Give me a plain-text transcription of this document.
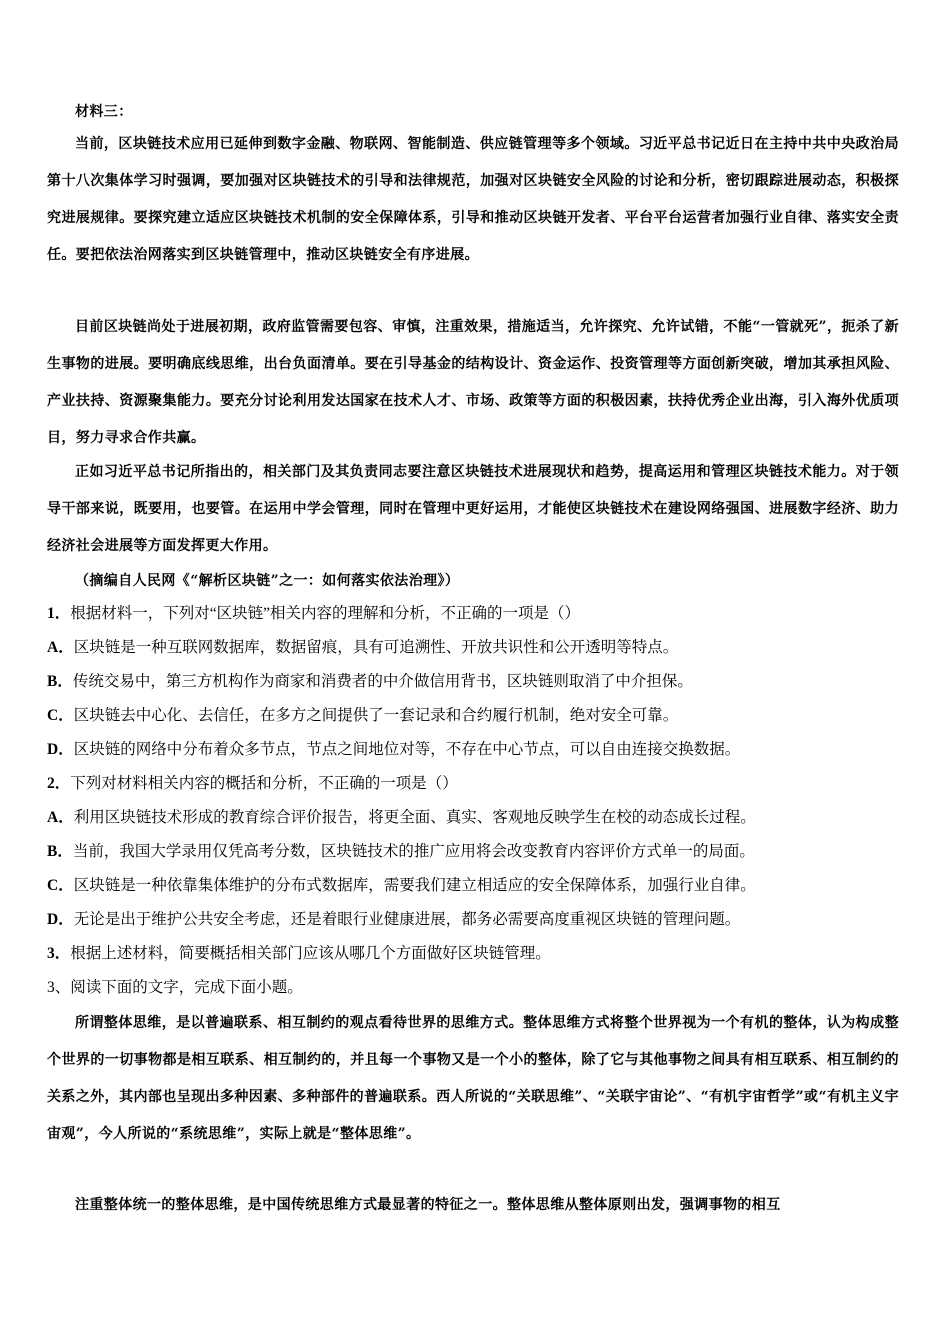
材料三：

当前，区块链技术应用已延伸到数字金融、物联网、智能制造、供应链管理等多个领域。习近平总书记近日在主持中共中央政治局第十八次集体学习时强调，要加强对区块链技术的引导和法律规范，加强对区块链安全风险的讨论和分析，密切跟踪进展动态，积极探究进展规律。要探究建立适应区块链技术机制的安全保障体系，引导和推动区块链开发者、平台平台运营者加强行业自律、落实安全责任。要把依法治网落实到区块链管理中，推动区块链安全有序进展。

目前区块链尚处于进展初期，政府监管需要包容、审慎，注重效果，措施适当，允许探究、允许试错，不能“一管就死”，扼杀了新生事物的进展。要明确底线思维，出台负面清单。要在引导基金的结构设计、资金运作、投资管理等方面创新突破，增加其承担风险、产业扶持、资源聚集能力。要充分讨论利用发达国家在技术人才、市场、政策等方面的积极因素，扶持优秀企业出海，引入海外优质项目，努力寻求合作共赢。

正如习近平总书记所指出的，相关部门及其负责同志要注意区块链技术进展现状和趋势，提高运用和管理区块链技术能力。对于领导干部来说，既要用，也要管。在运用中学会管理，同时在管理中更好运用，才能使区块链技术在建设网络强国、进展数字经济、助力经济社会进展等方面发挥更大作用。

（摘编自人民网《“解析区块链”之一：如何落实依法治理》）

1．根据材料一，下列对“区块链”相关内容的理解和分析，不正确的一项是（）
A．区块链是一种互联网数据库，数据留痕，具有可追溯性、开放共识性和公开透明等特点。
B．传统交易中，第三方机构作为商家和消费者的中介做信用背书，区块链则取消了中介担保。
C．区块链去中心化、去信任，在多方之间提供了一套记录和合约履行机制，绝对安全可靠。
D．区块链的网络中分布着众多节点，节点之间地位对等，不存在中心节点，可以自由连接交换数据。
2．下列对材料相关内容的概括和分析，不正确的一项是（）
A．利用区块链技术形成的教育综合评价报告，将更全面、真实、客观地反映学生在校的动态成长过程。
B．当前，我国大学录用仅凭高考分数，区块链技术的推广应用将会改变教育内容评价方式单一的局面。
C．区块链是一种依靠集体维护的分布式数据库，需要我们建立相适应的安全保障体系，加强行业自律。
D．无论是出于维护公共安全考虑，还是着眼行业健康进展，都务必需要高度重视区块链的管理问题。
3．根据上述材料，简要概括相关部门应该从哪几个方面做好区块链管理。
3、阅读下面的文字，完成下面小题。

所谓整体思维，是以普遍联系、相互制约的观点看待世界的思维方式。整体思维方式将整个世界视为一个有机的整体，认为构成整个世界的一切事物都是相互联系、相互制约的，并且每一个事物又是一个小的整体，除了它与其他事物之间具有相互联系、相互制约的关系之外，其内部也呈现出多种因素、多种部件的普遍联系。西人所说的“关联思维”、“关联宇宙论”、“有机宇宙哲学”或“有机主义宇宙观”，今人所说的“系统思维”，实际上就是“整体思维”。

注重整体统一的整体思维，是中国传统思维方式最显著的特征之一。整体思维从整体原则出发，强调事物的相互
